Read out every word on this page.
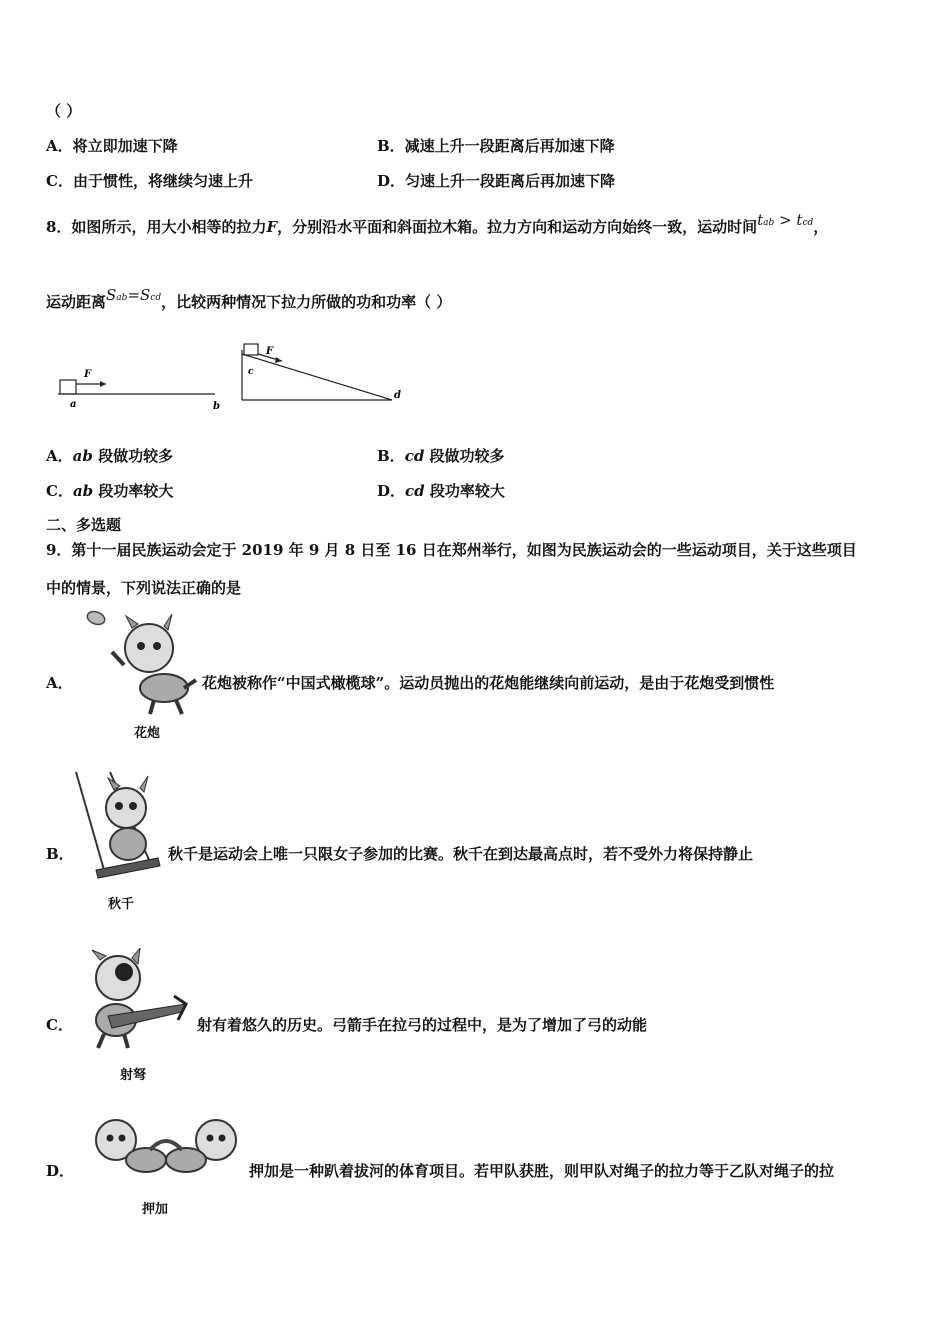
（ ）
A．将立即加速下降	B．减速上升一段距离后再加速下降
C．由于惯性，将继续匀速上升	D．匀速上升一段距离后再加速下降
8．如图所示，用大小相等的拉力F，分别沿水平面和斜面拉木箱。拉力方向和运动方向始终一致，运动时间tab > tcd，
运动距离Sab=Scd，比较两种情况下拉力所做的功和功率（ ）
F
a	b
F
c
d
A．ab 段做功较多	B．cd 段做功较多
C．ab 段功率较大	D．cd 段功率较大
二、多选题
9．第十一届民族运动会定于 2019 年 9 月 8 日至 16 日在郑州举行，如图为民族运动会的一些运动项目，关于这些项目
中的情景，下列说法正确的是
A．
花炮
花炮被称作“中国式橄榄球”。运动员抛出的花炮能继续向前运动，是由于花炮受到惯性
B．
秋千
秋千是运动会上唯一只限女子参加的比赛。秋千在到达最高点时，若不受外力将保持静止
C．
射弩
射有着悠久的历史。弓箭手在拉弓的过程中，是为了增加了弓的动能
D．
押加
押加是一种趴着拔河的体育项目。若甲队获胜，则甲队对绳子的拉力等于乙队对绳子的拉
